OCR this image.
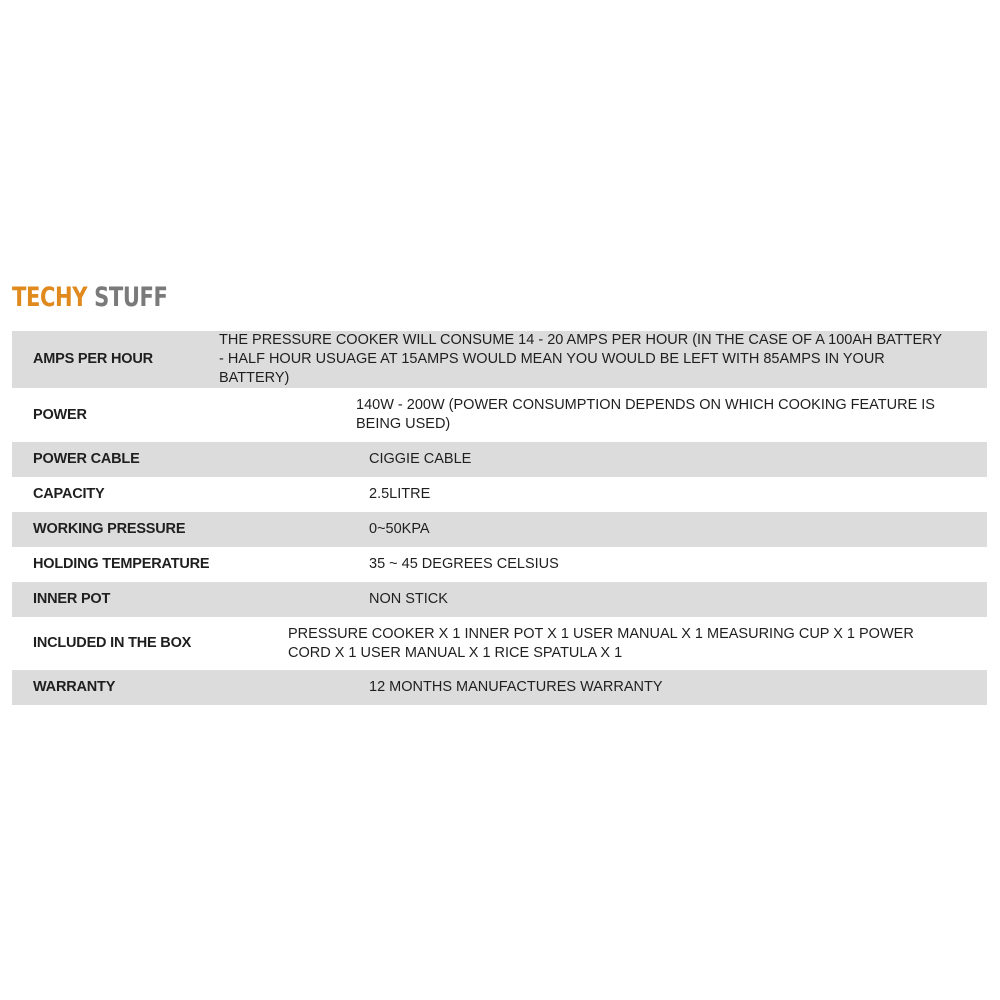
TECHY STUFF
AMPS PER HOUR	THE PRESSURE COOKER WILL CONSUME 14 - 20 AMPS PER HOUR (IN THE CASE OF A 100AH BATTERY - HALF HOUR USUAGE AT 15AMPS WOULD MEAN YOU WOULD BE LEFT WITH 85AMPS IN YOUR BATTERY)

POWER	140W - 200W (POWER CONSUMPTION DEPENDS ON WHICH COOKING FEATURE IS BEING USED)

POWER CABLE	CIGGIE CABLE

CAPACITY	2.5LITRE

WORKING PRESSURE	0~50KPA

HOLDING TEMPERATURE	35 ~ 45 DEGREES CELSIUS

INNER POT	NON STICK

INCLUDED IN THE BOX	PRESSURE COOKER X 1 INNER POT X 1 USER MANUAL X 1 MEASURING CUP X 1 POWER CORD X 1 USER MANUAL X 1 RICE SPATULA X 1

WARRANTY	12 MONTHS MANUFACTURES WARRANTY
